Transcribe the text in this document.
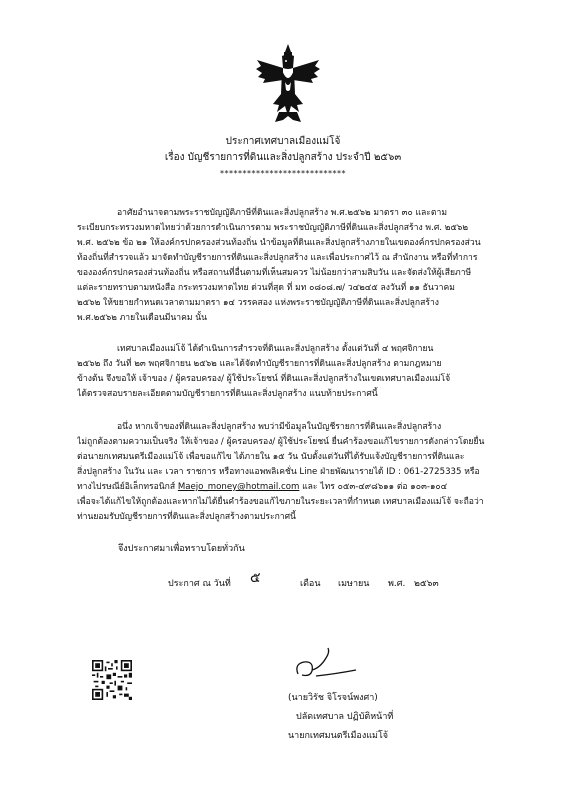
ประกาศเทศบาลเมืองแม่โจ้
เรื่อง บัญชีรายการที่ดินและสิ่งปลูกสร้าง ประจำปี ๒๕๖๓
****************************
อาศัยอำนาจตามพระราชบัญญัติภาษีที่ดินและสิ่งปลูกสร้าง พ.ศ.๒๕๖๒ มาตรา ๓๐ และตาม
ระเบียบกระทรวงมหาดไทยว่าด้วยการดำเนินการตาม พระราชบัญญัติภาษีที่ดินและสิ่งปลูกสร้าง พ.ศ. ๒๕๖๒
พ.ศ. ๒๕๖๒ ข้อ ๒๑ ให้องค์กรปกครองส่วนท้องถิ่น นำข้อมูลที่ดินและสิ่งปลูกสร้างภายในเขตองค์กรปกครองส่วน
ท้องถิ่นที่สำรวจแล้ว มาจัดทำบัญชีรายการที่ดินและสิ่งปลูกสร้าง และเพื่อประกาศไว้ ณ สำนักงาน หรือที่ทำการ
ขององค์กรปกครองส่วนท้องถิ่น หรือสถานที่อื่นตามที่เห็นสมควร ไม่น้อยกว่าสามสิบวัน และจัดส่งให้ผู้เสียภาษี
แต่ละรายทราบตามหนังสือ กระทรวงมหาดไทย ด่วนที่สุด ที่ มท ๐๘๐๘.๗/ ว๔๒๔๕ ลงวันที่ ๑๑ ธันวาคม
๒๕๖๒ ให้ขยายกำหนดเวลาตามมาตรา ๑๔ วรรคสอง แห่งพระราชบัญญัติภาษีที่ดินและสิ่งปลูกสร้าง
พ.ศ.๒๕๖๒ ภายในเดือนมีนาคม นั้น
เทศบาลเมืองแม่โจ้ ได้ดำเนินการสำรวจที่ดินและสิ่งปลูกสร้าง ตั้งแต่วันที่ ๔ พฤศจิกายน
๒๕๖๒ ถึง วันที่ ๒๓ พฤศจิกายน ๒๕๖๒ และได้จัดทำบัญชีรายการที่ดินและสิ่งปลูกสร้าง ตามกฎหมาย
ข้างต้น จึงขอให้ เจ้าของ / ผู้ครอบครอง/ ผู้ใช้ประโยชน์ ที่ดินและสิ่งปลูกสร้างในเขตเทศบาลเมืองแม่โจ้
ได้ตรวจสอบรายละเอียดตามบัญชีรายการที่ดินและสิ่งปลูกสร้าง แนบท้ายประกาศนี้
อนึ่ง หากเจ้าของที่ดินและสิ่งปลูกสร้าง พบว่ามีข้อมูลในบัญชีรายการที่ดินและสิ่งปลูกสร้าง
ไม่ถูกต้องตามความเป็นจริง ให้เจ้าของ / ผู้ครอบครอง/ ผู้ใช้ประโยชน์ ยื่นคำร้องขอแก้ไขรายการดังกล่าวโดยยื่น
ต่อนายกเทศมนตรีเมืองแม่โจ้ เพื่อขอแก้ไข ได้ภายใน ๑๕ วัน นับตั้งแต่วันที่ได้รับแจ้งบัญชีรายการที่ดินและ
สิ่งปลูกสร้าง ในวัน และ เวลา ราชการ หรือทางแอพพลิเคชั่น Line ฝ่ายพัฒนารายได้ ID : 061-2725335 หรือ
ทางไปรษณีย์อิเล็กทรอนิกส์ Maejo_money@hotmail.com และ ไทร ๐๕๓-๔๙๘๖๑๑ ต่อ ๑๐๓-๑๐๔
เพื่อจะได้แก้ไขให้ถูกต้องและหากไม่ได้ยื่นคำร้องขอแก้ไขภายในระยะเวลาที่กำหนด เทศบาลเมืองแม่โจ้ จะถือว่า
ท่านยอมรับบัญชีรายการที่ดินและสิ่งปลูกสร้างตามประกาศนี้
จึงประกาศมาเพื่อทราบโดยทั่วกัน
ประกาศ ณ วันที่ ๕	เดือน เมษายน พ.ศ. ๒๕๖๓
(นายวิรัช จิโรจน์พงศา)
ปลัดเทศบาล ปฏิบัติหน้าที่
นายกเทศมนตรีเมืองแม่โจ้
